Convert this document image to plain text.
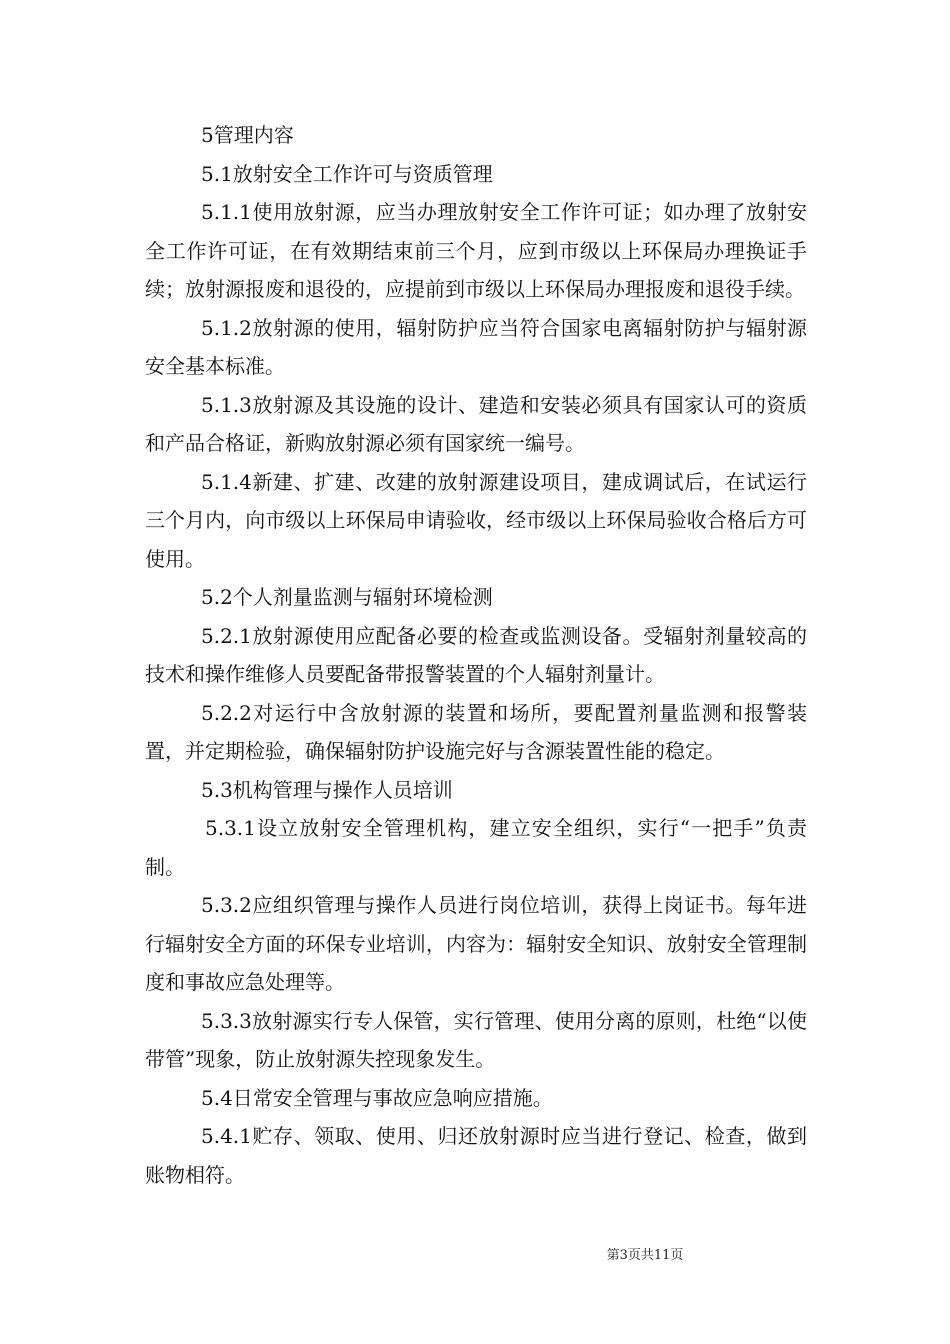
5管理内容

5.1放射安全工作许可与资质管理

5.1.1使用放射源，应当办理放射安全工作许可证；如办理了放射安全工作许可证，在有效期结束前三个月，应到市级以上环保局办理换证手续；放射源报废和退役的，应提前到市级以上环保局办理报废和退役手续。

5.1.2放射源的使用，辐射防护应当符合国家电离辐射防护与辐射源安全基本标准。

5.1.3放射源及其设施的设计、建造和安装必须具有国家认可的资质和产品合格证，新购放射源必须有国家统一编号。

5.1.4新建、扩建、改建的放射源建设项目，建成调试后，在试运行三个月内，向市级以上环保局申请验收，经市级以上环保局验收合格后方可使用。

5.2个人剂量监测与辐射环境检测

5.2.1放射源使用应配备必要的检查或监测设备。受辐射剂量较高的技术和操作维修人员要配备带报警装置的个人辐射剂量计。

5.2.2对运行中含放射源的装置和场所，要配置剂量监测和报警装置，并定期检验，确保辐射防护设施完好与含源装置性能的稳定。

5.3机构管理与操作人员培训

5.3.1设立放射安全管理机构，建立安全组织，实行“一把手”负责制。

5.3.2应组织管理与操作人员进行岗位培训，获得上岗证书。每年进行辐射安全方面的环保专业培训，内容为：辐射安全知识、放射安全管理制度和事故应急处理等。

5.3.3放射源实行专人保管，实行管理、使用分离的原则，杜绝“以使带管”现象，防止放射源失控现象发生。

5.4日常安全管理与事故应急响应措施。

5.4.1贮存、领取、使用、归还放射源时应当进行登记、检查，做到账物相符。

第3页共11页
